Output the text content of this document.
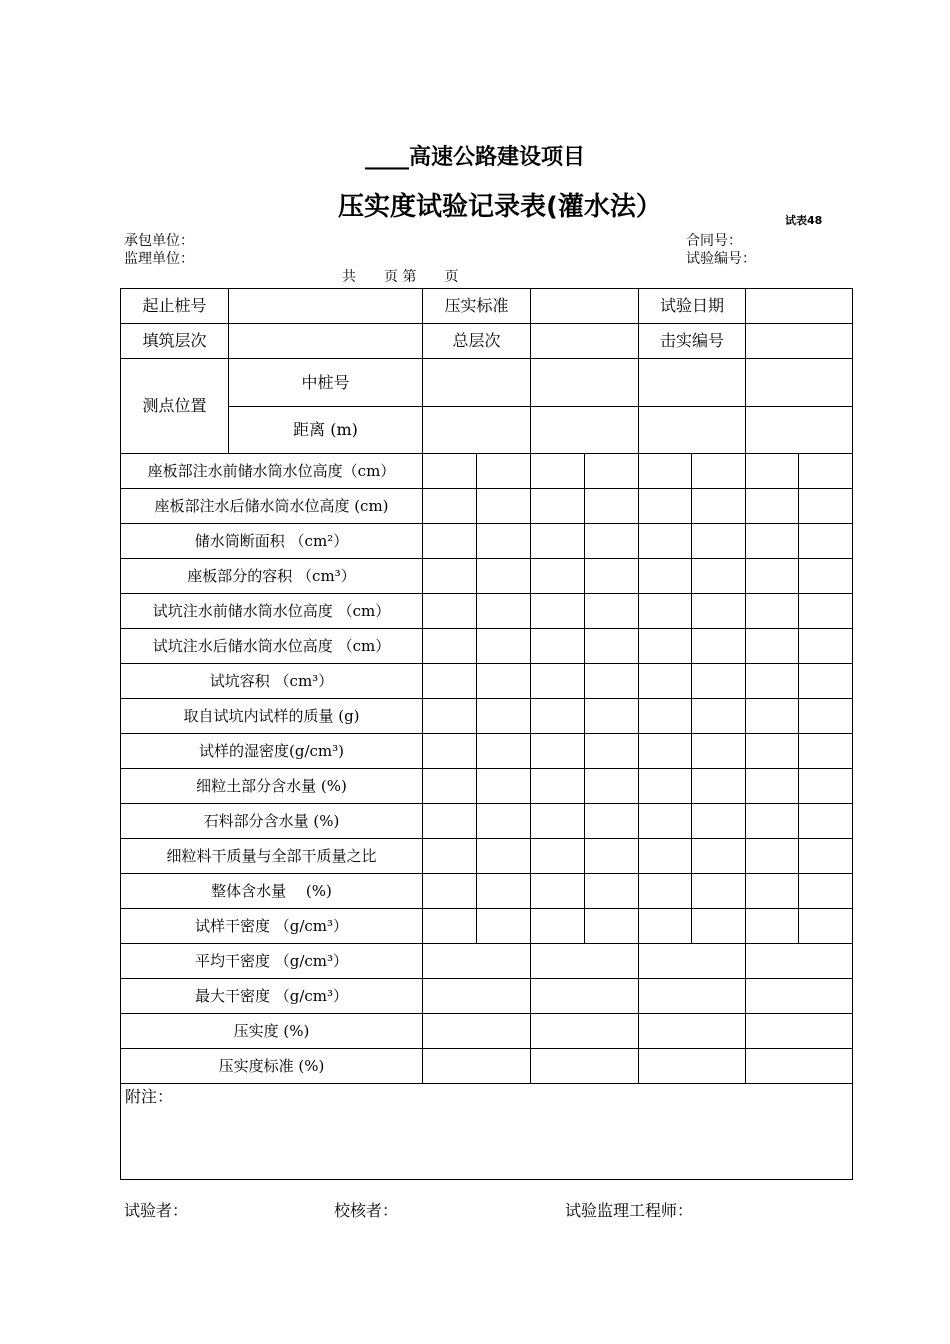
____高速公路建设项目
压实度试验记录表(灌水法）	试表48
承包单位：
监理单位：
合同号：
试验编号：
共　　页 第　　页
起止桩号		压实标准				试验日期			
填筑层次		总层次				击实编号			
测点位置	中桩号								
	距离 (m)								
座板部注水前储水筒水位高度（cm）									
座板部注水后储水筒水位高度 (cm)									
储水筒断面积 （cm²）									
座板部分的容积 （cm³）									
试坑注水前储水筒水位高度 （cm）									
试坑注水后储水筒水位高度 （cm）									
试坑容积 （cm³）									
取自试坑内试样的质量 (g)									
试样的湿密度(g/cm³)									
细粒土部分含水量 (%)									
石料部分含水量 (%)									
细粒料干质量与全部干质量之比									
整体含水量　 (%)									
试样干密度 （g/cm³）									
平均干密度 （g/cm³）									
最大干密度 （g/cm³）									
压实度 (%)									
压实度标准 (%)									
附注：									
试验者：	校核者：	试验监理工程师：
